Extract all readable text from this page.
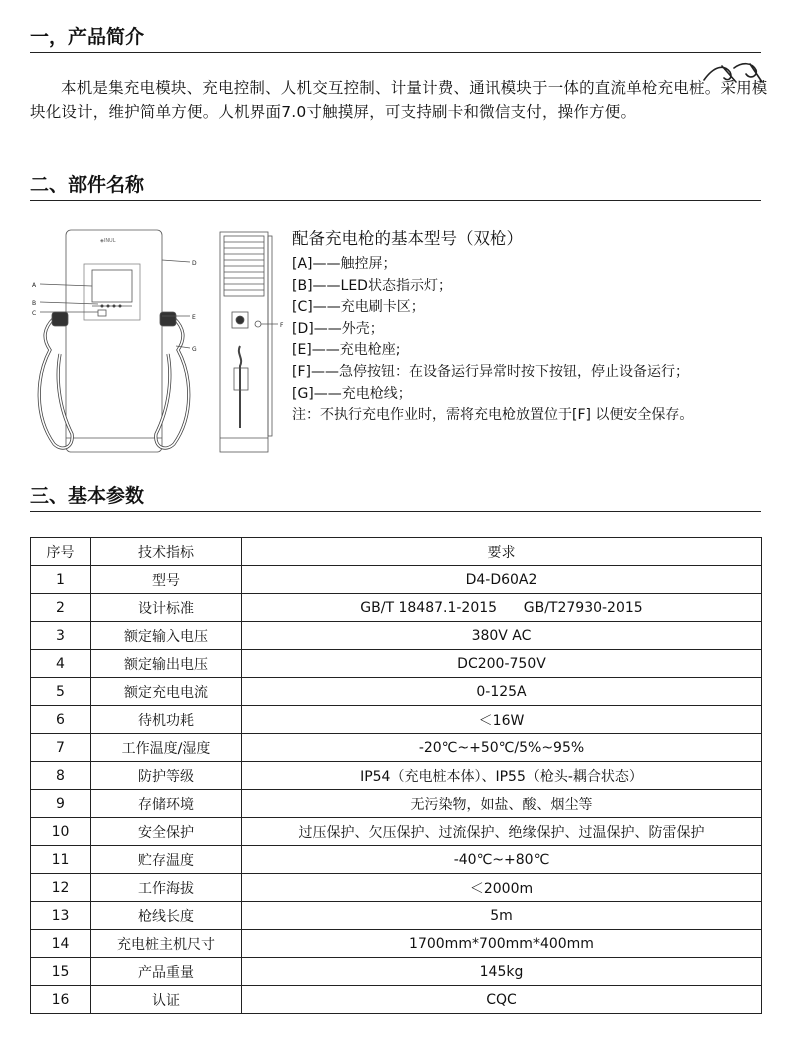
一，产品简介

本机是集充电模块、充电控制、人机交互控制、计量计费、通讯模块于一体的直流单枪充电桩。采用模块化设计，维护简单方便。人机界面7.0寸触摸屏，可支持刷卡和微信支付，操作方便。

二、部件名称
◈INUL
A
B
C
D
E
G
F

配备充电枪的基本型号（双枪）

[A]——触控屏；

[B]——LED状态指示灯；

[C]——充电刷卡区；

[D]——外壳；

[E]——充电枪座;

[F]——急停按钮：在设备运行异常时按下按钮，停止设备运行；

[G]——充电枪线；

注：不执行充电作业时，需将充电枪放置位于[F] 以便安全保存。

三、基本参数
序号	技术指标	要求
1	型号	D4-D60A2
2	设计标准	GB/T 18487.1-2015      GB/T27930-2015
3	额定输入电压	380V AC
4	额定输出电压	DC200-750V
5	额定充电电流	0-125A
6	待机功耗	＜16W
7	工作温度/湿度	-20℃~+50℃/5%~95%
8	防护等级	IP54（充电桩本体）、IP55（枪头-耦合状态）
9	存储环境	无污染物，如盐、酸、烟尘等
10	安全保护	过压保护、欠压保护、过流保护、绝缘保护、过温保护、防雷保护
11	贮存温度	-40℃~+80℃
12	工作海拔	＜2000m
13	枪线长度	5m
14	充电桩主机尺寸	1700mm*700mm*400mm
15	产品重量	145kg
16	认证	CQC
